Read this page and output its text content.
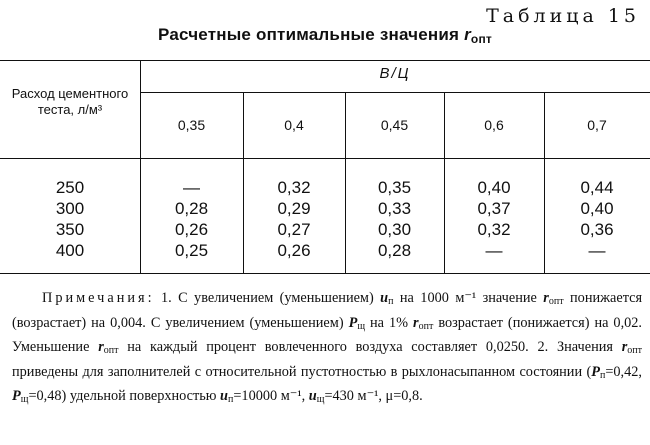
Таблица 15
Расчетные оптимальные значения $r_{опт}$
Расход цементного теста, л/м³
В/Ц
0,35	0,4	0,45	0,6	0,7
250	—	0,32	0,35	0,40	0,44
300	0,28	0,29	0,33	0,37	0,40
350	0,26	0,27	0,30	0,32	0,36
400	0,25	0,26	0,28	—	—
Примечания: 1. С увеличением (уменьшением) $u_п$ на 1000 м⁻¹ значение $r_{опт}$ понижается (возрастает) на 0,004. С увеличением (уменьшением) $P_щ$ на 1% $r_{опт}$ возрастает (понижается) на 0,02. Уменьшение $r_{опт}$ на каждый процент вовлеченного воздуха составляет 0,0250. 2. Значения $r_{опт}$ приведены для заполнителей с относительной пустотностью в рыхлонасыпанном состоянии ($P_п=0,42$, $P_щ=0,48$) удельной поверхностью $u_п=10000$ м⁻¹, $u_щ=430$ м⁻¹, μ=0,8.
